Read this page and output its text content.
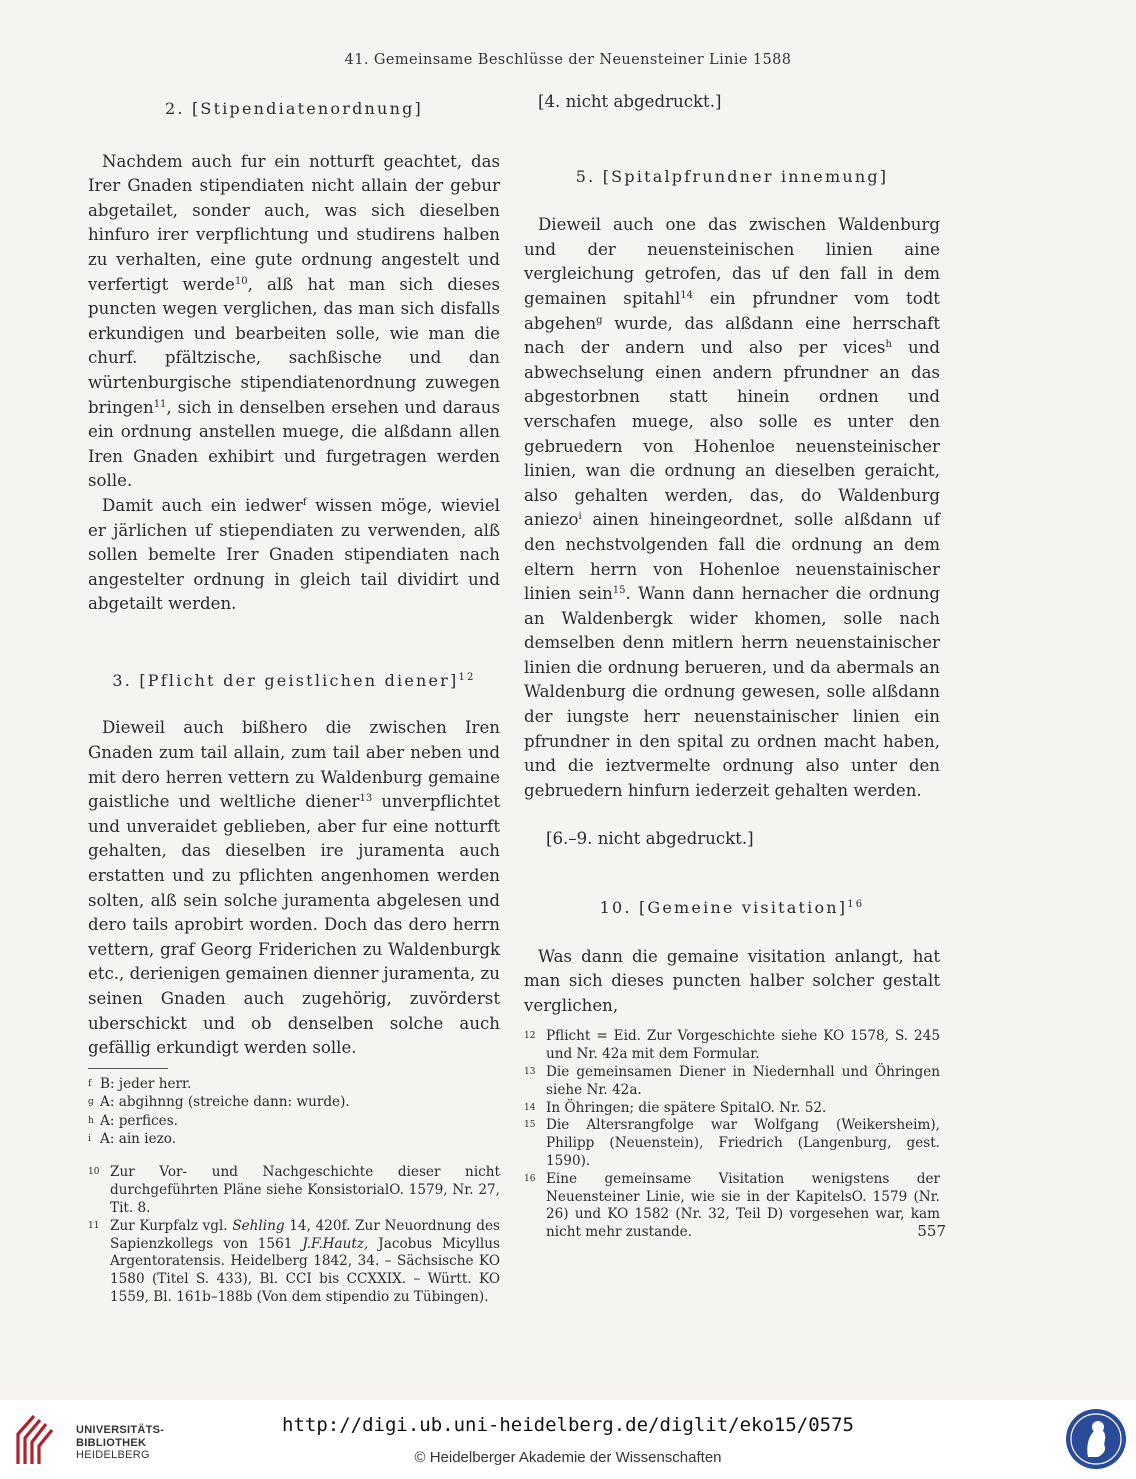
41. Gemeinsame Beschlüsse der Neuensteiner Linie 1588
2. [Stipendiatenordnung]

Nachdem auch fur ein notturft geachtet, das Irer Gnaden stipendiaten nicht allain der gebur abgetailet, sonder auch, was sich dieselben hinfuro irer verpflichtung und studirens halben zu verhalten, eine gute ordnung angestelt und verfertigt werde$^{10}$, alß hat man sich dieses puncten wegen verglichen, das man sich disfalls erkundigen und bearbeiten solle, wie man die churf. pfältzische, sachßische und dan würtenburgische stipendiatenordnung zuwegen bringen$^{11}$, sich in denselben ersehen und daraus ein ordnung anstellen muege, die alßdann allen Iren Gnaden exhibirt und furgetragen werden solle.

Damit auch ein iedwer$^f$ wissen möge, wieviel er järlichen uf stiependiaten zu verwenden, alß sollen bemelte Irer Gnaden stipendiaten nach angestelter ordnung in gleich tail dividirt und abgetailt werden.

3. [Pflicht der geistlichen diener]$^{12}$

Dieweil auch bißhero die zwischen Iren Gnaden zum tail allain, zum tail aber neben und mit dero herren vettern zu Waldenburg gemaine gaistliche und weltliche diener$^{13}$ unverpflichtet und unveraidet geblieben, aber fur eine notturft gehalten, das dieselben ire juramenta auch erstatten und zu pflichten angenhomen werden solten, alß sein solche juramenta abgelesen und dero tails aprobirt worden. Doch das dero herrn vettern, graf Georg Friderichen zu Waldenburgk etc., derienigen gemainen dienner juramenta, zu seinen Gnaden auch zugehörig, zuvörderst uberschickt und ob denselben solche auch gefällig erkundigt werden solle.

f B: jeder herr.
g A: abgihnng (streiche dann: wurde).
h A: perfices.
i A: ain iezo.
10 Zur Vor- und Nachgeschichte dieser nicht durchgeführten Pläne siehe KonsistorialO. 1579, Nr. 27, Tit. 8.
11 Zur Kurpfalz vgl. Sehling 14, 420f. Zur Neuordnung des Sapienzkollegs von 1561 J.F.Hautz, Jacobus Micyllus Argentoratensis. Heidelberg 1842, 34. – Sächsische KO 1580 (Titel S. 433), Bl. CCI bis CCXXIX. – Württ. KO 1559, Bl. 161b–188b (Von dem stipendio zu Tübingen).

[4. nicht abgedruckt.]

5. [Spitalpfrundner innemung]

Dieweil auch one das zwischen Waldenburg und der neuensteinischen linien aine vergleichung getrofen, das uf den fall in dem gemainen spitahl$^{14}$ ein pfrundner vom todt abgehen$^g$ wurde, das alßdann eine herrschaft nach der andern und also per vices$^h$ und abwechselung einen andern pfrundner an das abgestorbnen statt hinein ordnen und verschafen muege, also solle es unter den gebruedern von Hohenloe neuensteinischer linien, wan die ordnung an dieselben geraicht, also gehalten werden, das, do Waldenburg aniezo$^i$ ainen hineingeordnet, solle alßdann uf den nechstvolgenden fall die ordnung an dem eltern herrn von Hohenloe neuenstainischer linien sein$^{15}$. Wann dann hernacher die ordnung an Waldenbergk wider khomen, solle nach demselben denn mitlern herrn neuenstainischer linien die ordnung berueren, und da abermals an Waldenburg die ordnung gewesen, solle alßdann der iungste herr neuenstainischer linien ein pfrundner in den spital zu ordnen macht haben, und die ieztvermelte ordnung also unter den gebruedern hinfurn iederzeit gehalten werden.

[6.–9. nicht abgedruckt.]

10. [Gemeine visitation]$^{16}$

Was dann die gemaine visitation anlangt, hat man sich dieses puncten halber solcher gestalt verglichen,

12 Pflicht = Eid. Zur Vorgeschichte siehe KO 1578, S. 245 und Nr. 42a mit dem Formular.
13 Die gemeinsamen Diener in Niedernhall und Öhringen siehe Nr. 42a.
14 In Öhringen; die spätere SpitalO. Nr. 52.
15 Die Altersrangfolge war Wolfgang (Weikersheim), Philipp (Neuenstein), Friedrich (Langenburg, gest. 1590).
16 Eine gemeinsame Visitation wenigstens der Neuensteiner Linie, wie sie in der KapitelsO. 1579 (Nr. 26) und KO 1582 (Nr. 32, Teil D) vorgesehen war, kam nicht mehr zustande.	557
UNIVERSITÄTS-
BIBLIOTHEK
HEIDELBERG
http://digi.ub.uni-heidelberg.de/diglit/eko15/0575
© Heidelberger Akademie der Wissenschaften
